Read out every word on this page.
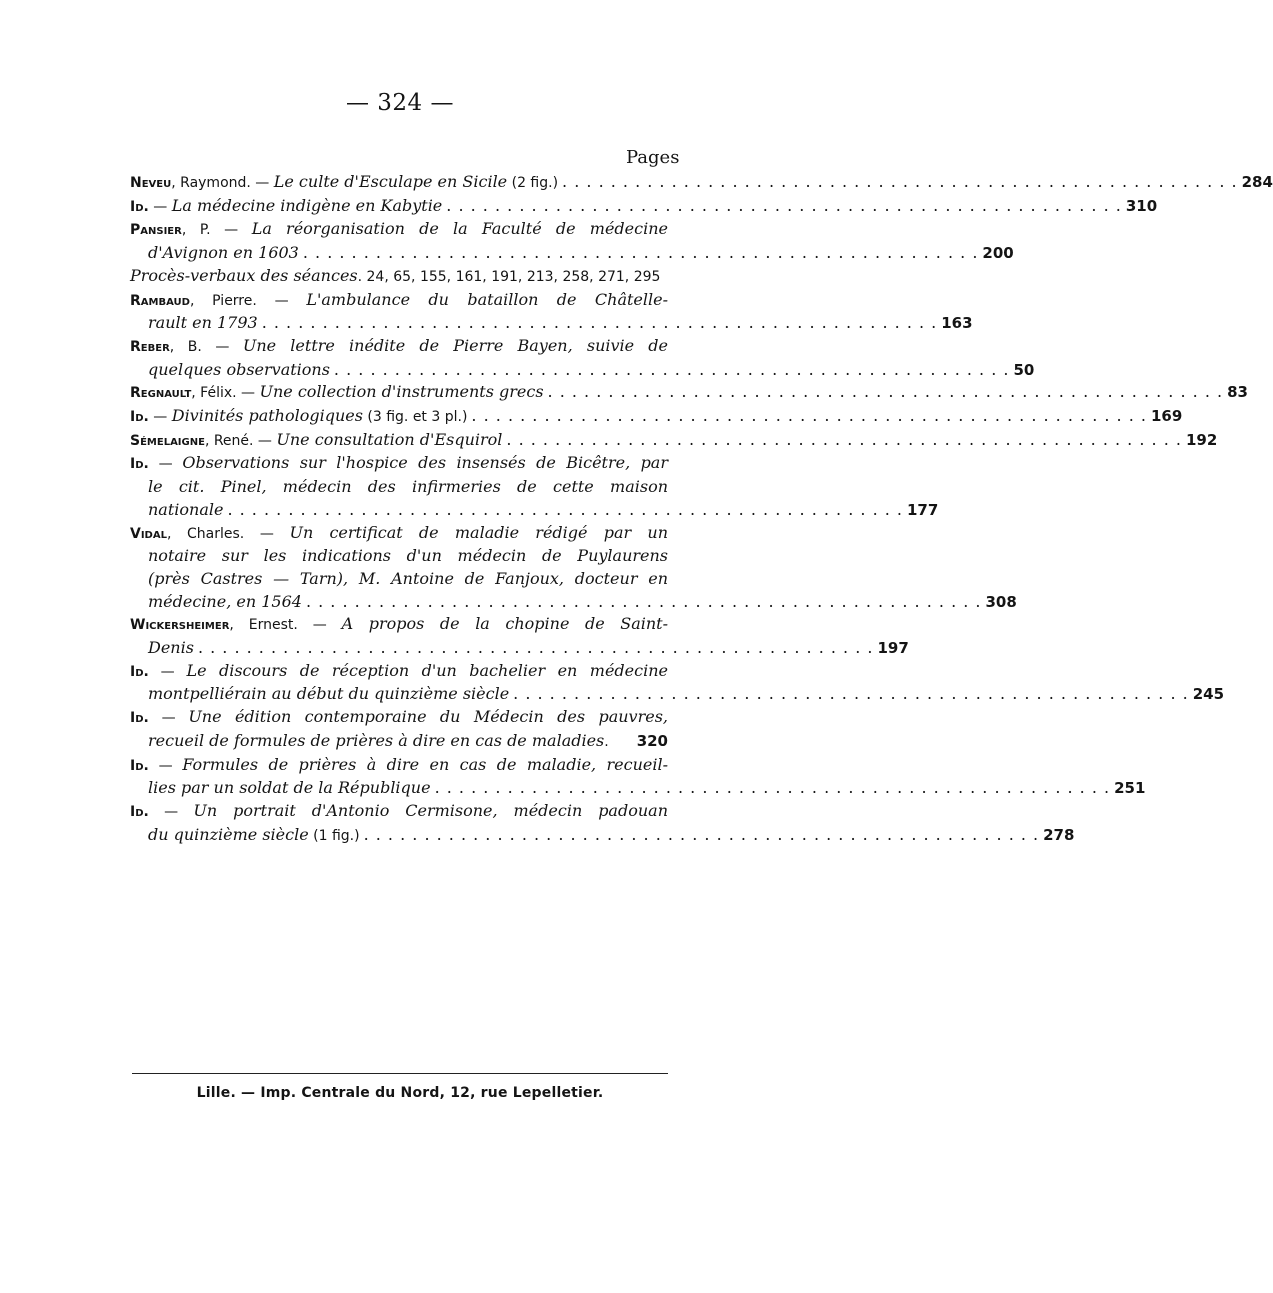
— 324 —
Pages
Neveu, Raymond. — Le culte d'Esculape en Sicile (2 fig.) . . .	284
Id. — La médecine indigène en Kabytie . . .	310
Pansier, P. — La réorganisation de la Faculté de médecine
d'Avignon en 1603 . . .	200
Procès-verbaux des séances. 24, 65, 155, 161, 191, 213, 258, 271, 295
Rambaud, Pierre. — L'ambulance du bataillon de Châtelle-
rault en 1793 . . .	163
Reber, B. — Une lettre inédite de Pierre Bayen, suivie de
quelques observations . . .	50
Regnault, Félix. — Une collection d'instruments grecs . . .	83
Id. — Divinités pathologiques (3 fig. et 3 pl.) . . .	169
Sémelaigne, René. — Une consultation d'Esquirol . . .	192
Id. — Observations sur l'hospice des insensés de Bicêtre, par
le cit. Pinel, médecin des infirmeries de cette maison
nationale . . .	177
Vidal, Charles. — Un certificat de maladie rédigé par un
notaire sur les indications d'un médecin de Puylaurens
(près Castres — Tarn), M. Antoine de Fanjoux, docteur en
médecine, en 1564 . . .	308
Wickersheimer, Ernest. — A propos de la chopine de Saint-
Denis . . .	197
Id. — Le discours de réception d'un bachelier en médecine
montpelliérain au début du quinzième siècle . . .	245
Id. — Une édition contemporaine du Médecin des pauvres,
recueil de formules de prières à dire en cas de maladies. 320
Id. — Formules de prières à dire en cas de maladie, recueil-
lies par un soldat de la République . . .	251
Id. — Un portrait d'Antonio Cermisone, médecin padouan
du quinzième siècle (1 fig.) . . .	278
Lille. — Imp. Centrale du Nord, 12, rue Lepelletier.
